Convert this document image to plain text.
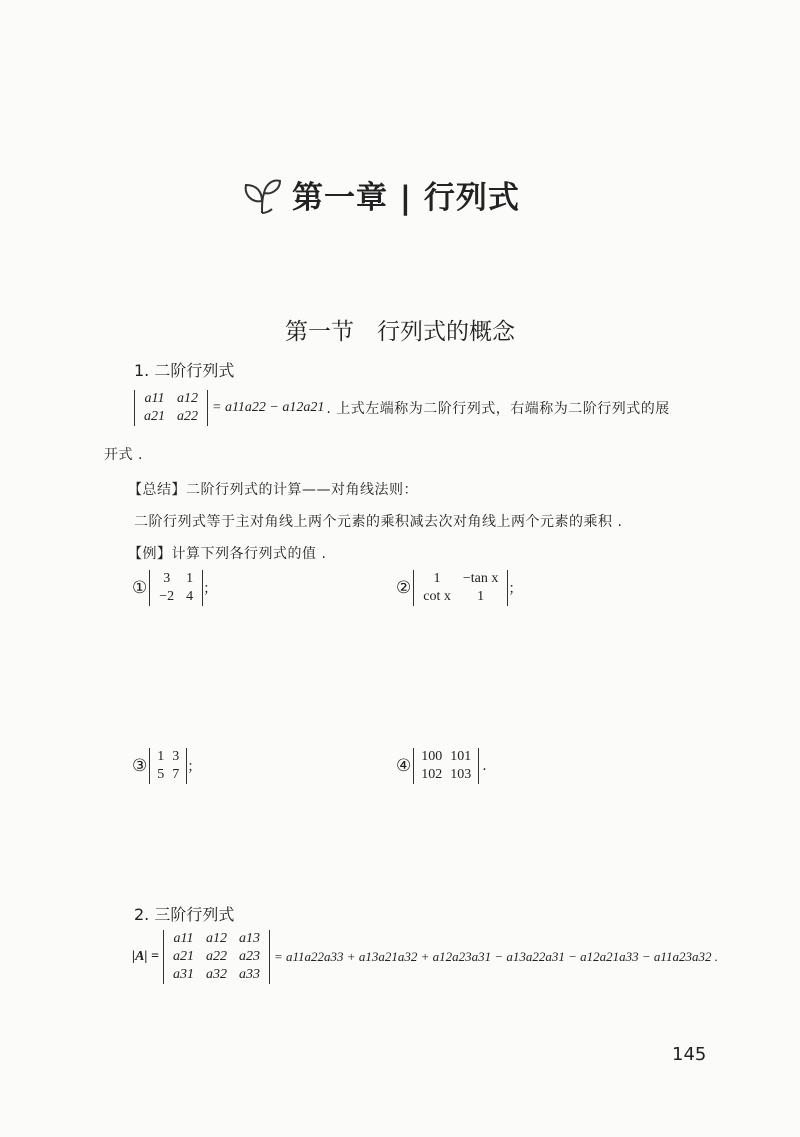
第一章 | 行列式
第一节　行列式的概念
1. 二阶行列式
a11	a12
a21	a22
= a11a22 − a12a21 . 上式左端称为二阶行列式，右端称为二阶行列式的展
开式 .
【总结】二阶行列式的计算——对角线法则：
二阶行列式等于主对角线上两个元素的乘积减去次对角线上两个元素的乘积 .
【例】计算下列各行列式的值 .
① 3	1
−2	4 ；	② 1	−tan x
cot x	1 ；
③ 1	3
5	7 ；	④ 100	101
102	103
.
2. 三阶行列式
|A| =
a11	a12	a13
a21	a22	a23
a31	a32	a33
= a11a22a33 + a13a21a32 + a12a23a31 − a13a22a31 − a12a21a33 − a11a23a32 .
145
